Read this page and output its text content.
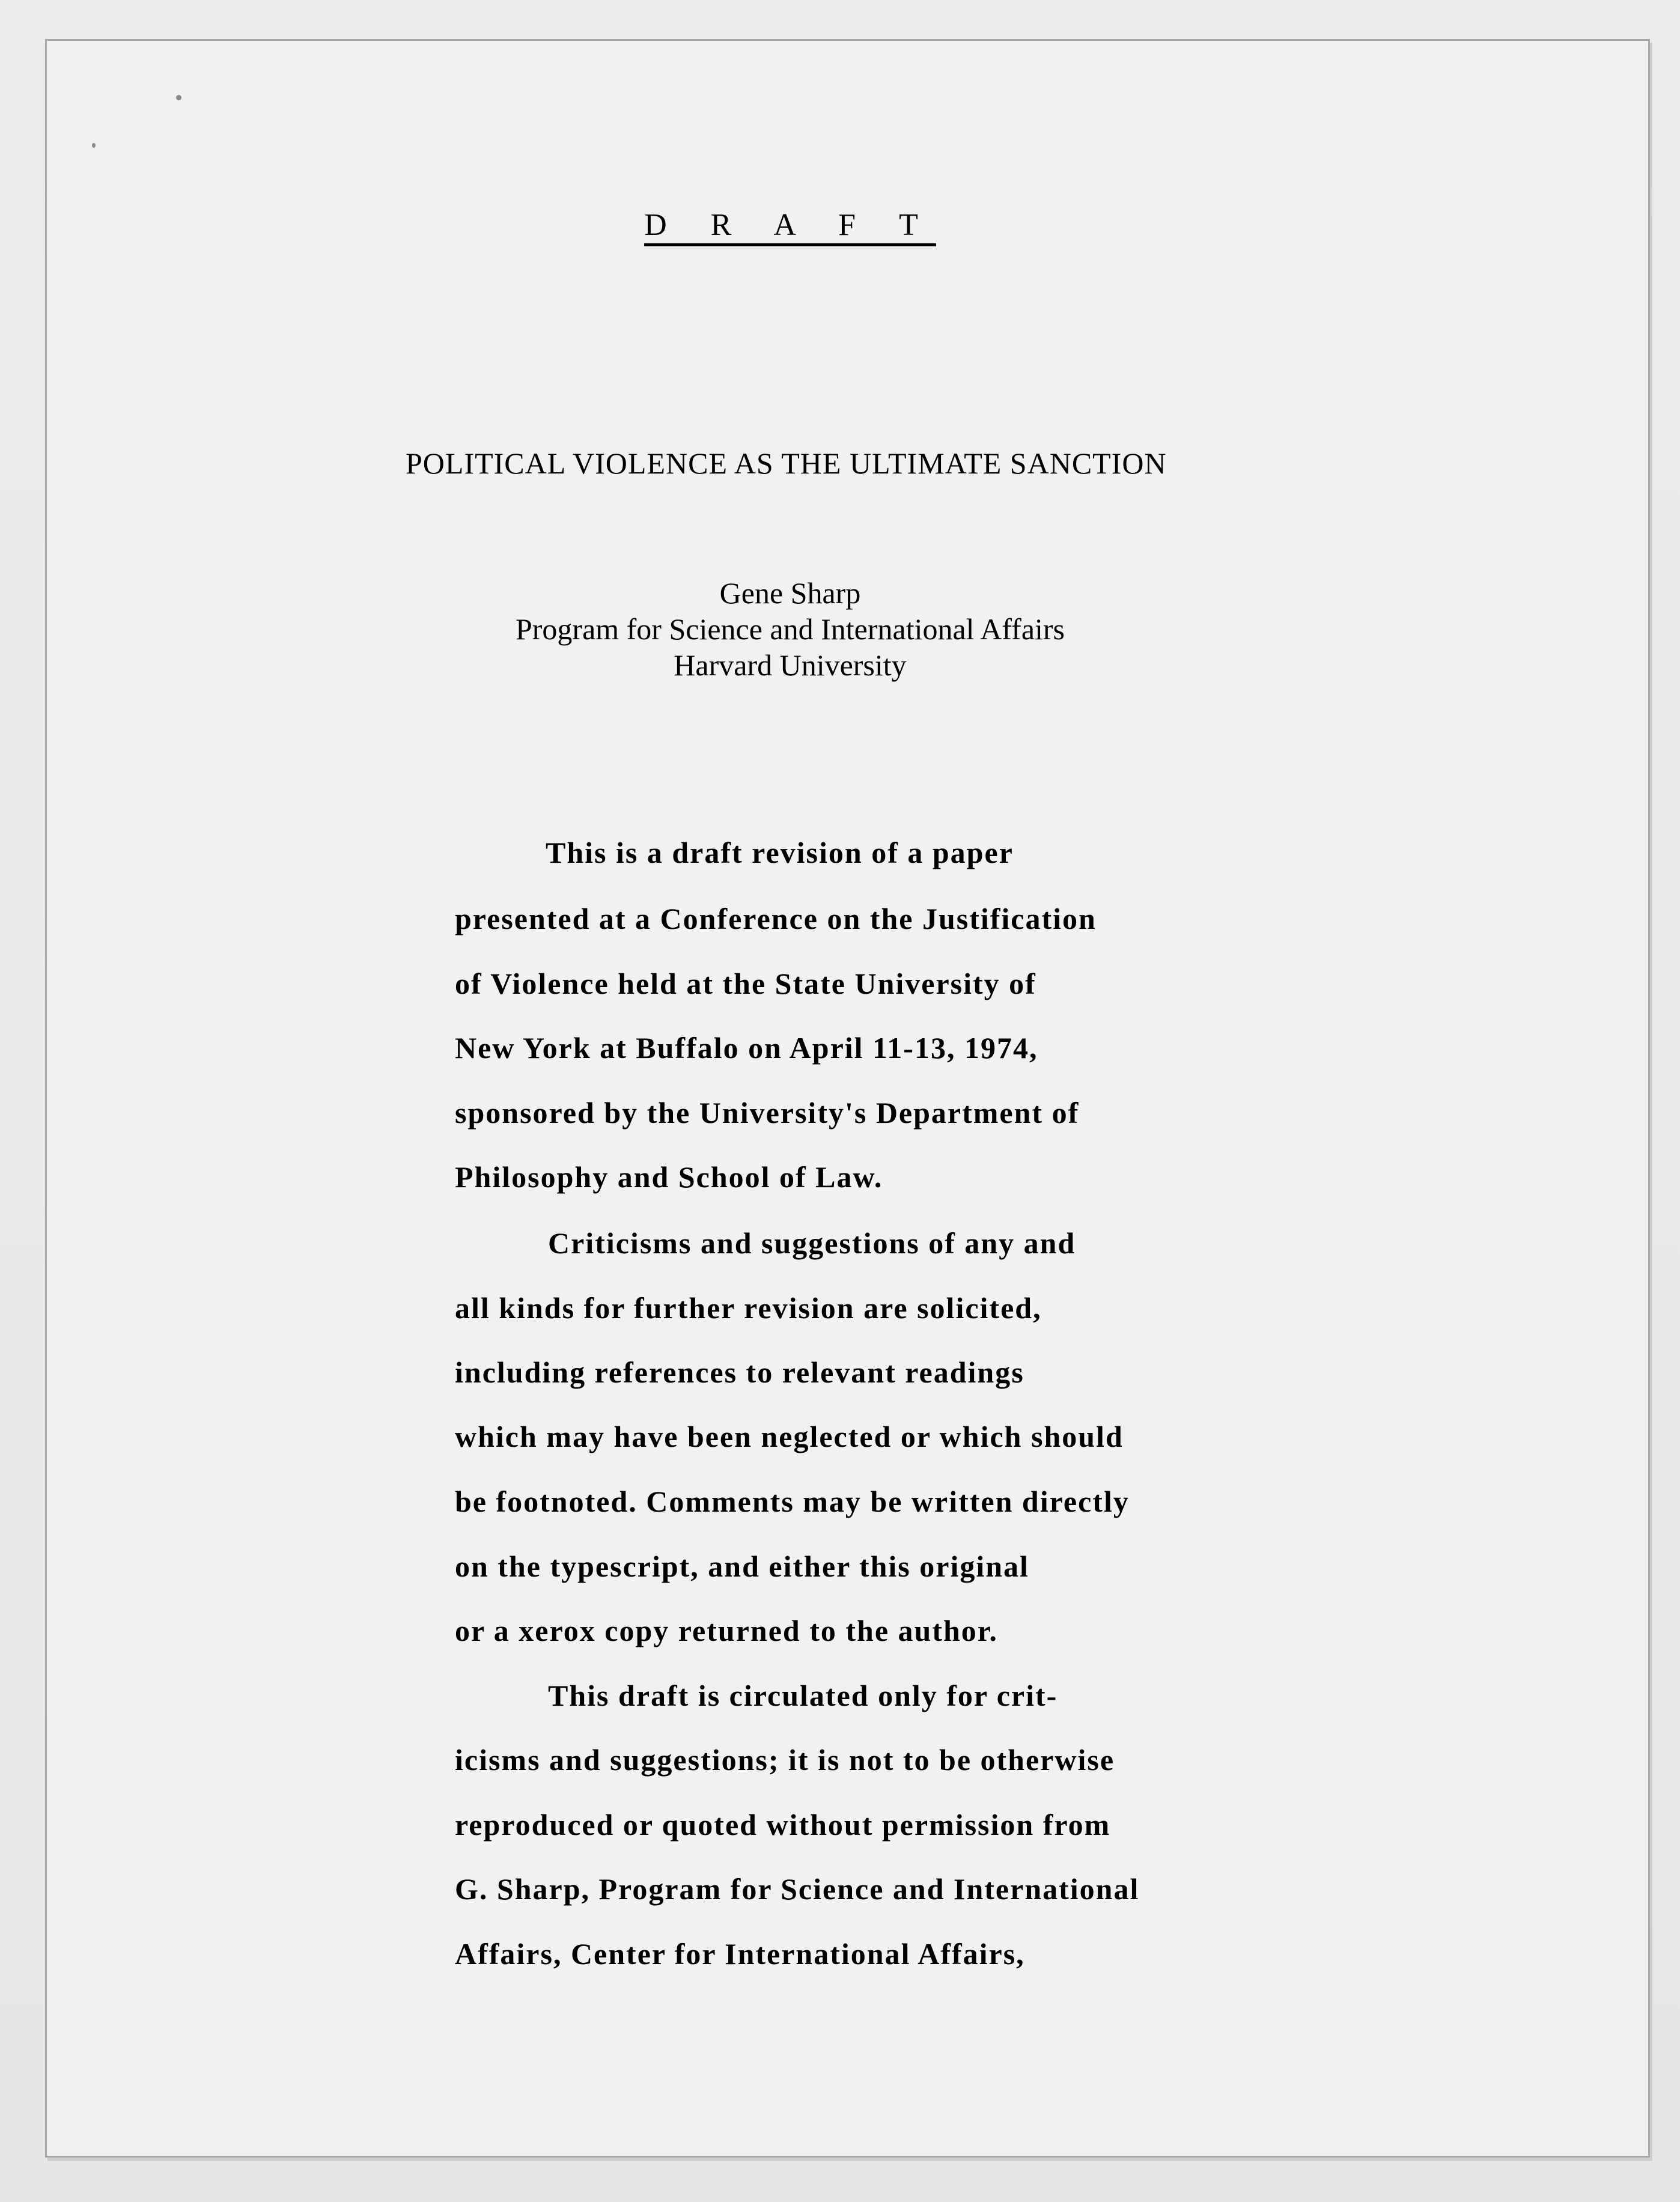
D R A F T
POLITICAL VIOLENCE AS THE ULTIMATE SANCTION
Gene Sharp
Program for Science and International Affairs
Harvard University
This is a draft revision of a paper
presented at a Conference on the Justification
of Violence held at the State University of
New York at Buffalo on April 11-13, 1974,
sponsored by the University's Department of
Philosophy and School of Law.
Criticisms and suggestions of any and
all kinds for further revision are solicited,
including references to relevant readings
which may have been neglected or which should
be footnoted. Comments may be written directly
on the typescript, and either this original
or a xerox copy returned to the author.
This draft is circulated only for crit-
icisms and suggestions; it is not to be otherwise
reproduced or quoted without permission from
G. Sharp, Program for Science and International
Affairs, Center for International Affairs,
